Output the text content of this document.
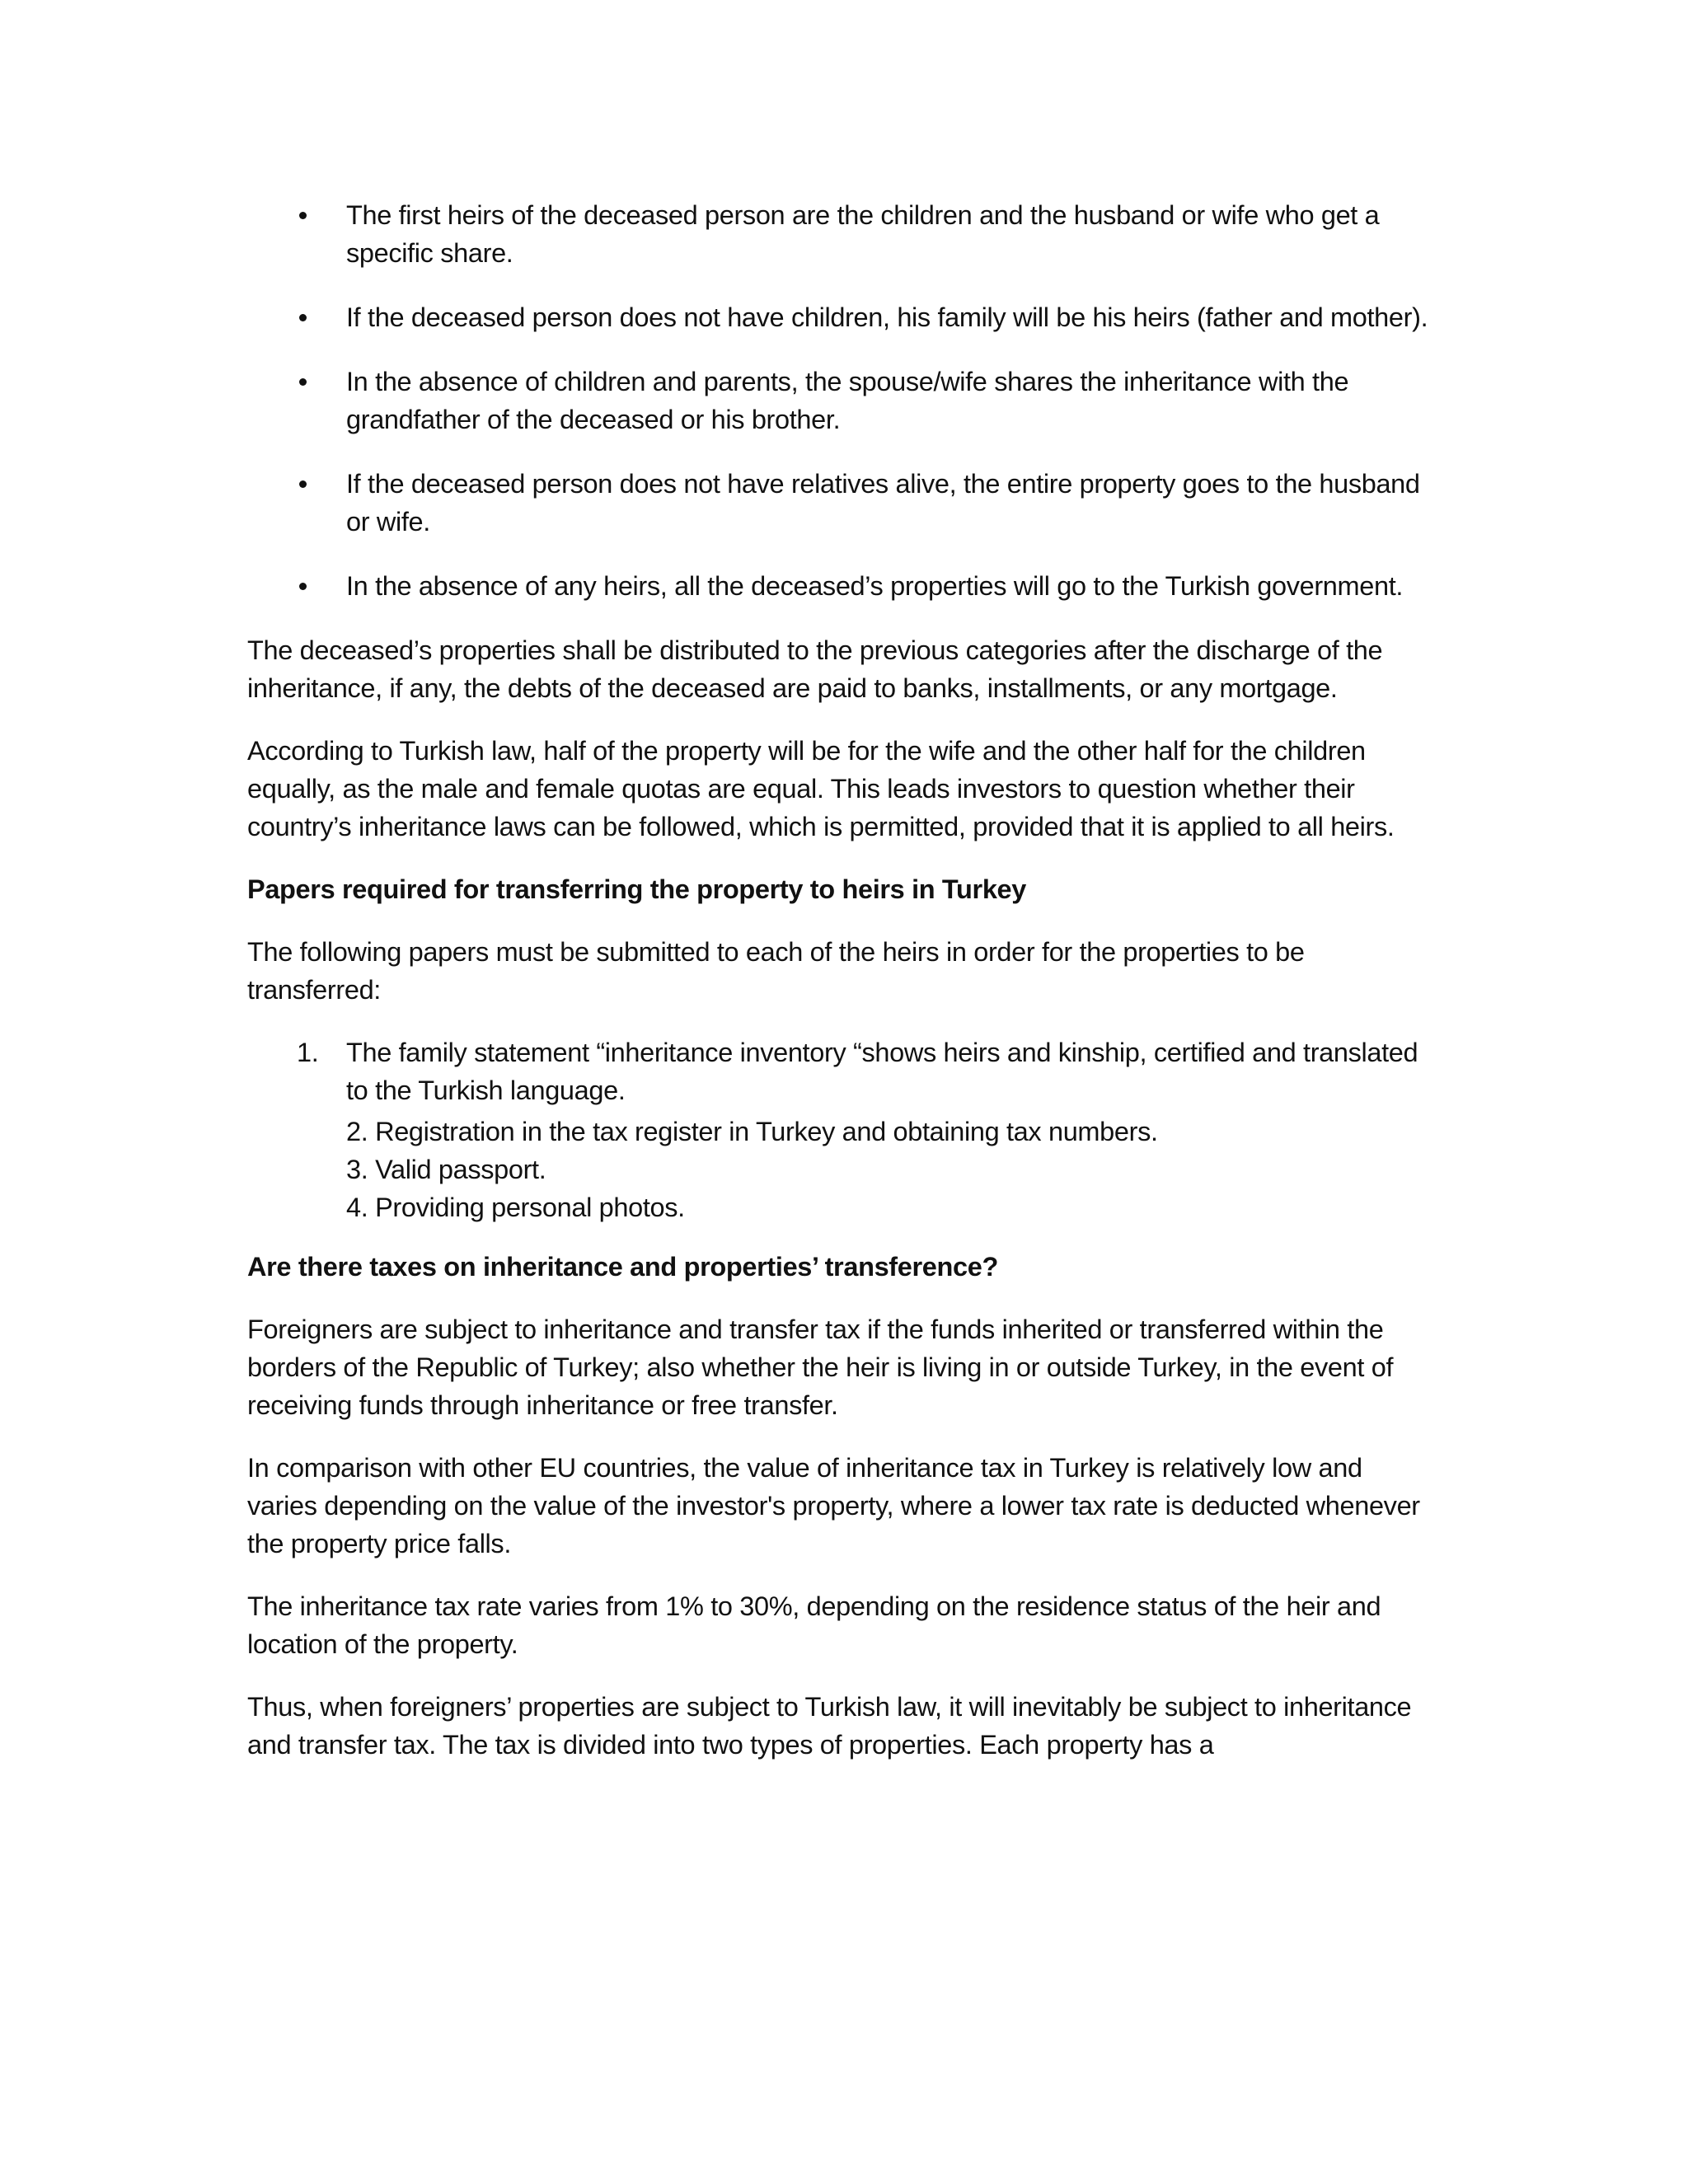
The first heirs of the deceased person are the children and the husband or wife who get a specific share.
If the deceased person does not have children, his family will be his heirs (father and mother).
In the absence of children and parents, the spouse/wife shares the inheritance with the grandfather of the deceased or his brother.
If the deceased person does not have relatives alive, the entire property goes to the husband or wife.
In the absence of any heirs, all the deceased’s properties will go to the Turkish government.

The deceased’s properties shall be distributed to the previous categories after the discharge of the inheritance, if any, the debts of the deceased are paid to banks, installments, or any mortgage.

According to Turkish law, half of the property will be for the wife and the other half for the children equally, as the male and female quotas are equal. This leads investors to question whether their country’s inheritance laws can be followed, which is permitted, provided that it is applied to all heirs.

Papers required for transferring the property to heirs in Turkey

The following papers must be submitted to each of the heirs in order for the properties to be transferred:

1. The family statement “inheritance inventory “shows heirs and kinship, certified and translated to the Turkish language.
2. Registration in the tax register in Turkey and obtaining tax numbers.
3. Valid passport.
4. Providing personal photos.

Are there taxes on inheritance and properties’ transference?

Foreigners are subject to inheritance and transfer tax if the funds inherited or transferred within the borders of the Republic of Turkey; also whether the heir is living in or outside Turkey, in the event of receiving funds through inheritance or free transfer.

In comparison with other EU countries, the value of inheritance tax in Turkey is relatively low and varies depending on the value of the investor's property, where a lower tax rate is deducted whenever the property price falls.

The inheritance tax rate varies from 1% to 30%, depending on the residence status of the heir and location of the property.

Thus, when foreigners’ properties are subject to Turkish law, it will inevitably be subject to inheritance and transfer tax. The tax is divided into two types of properties. Each property has a
